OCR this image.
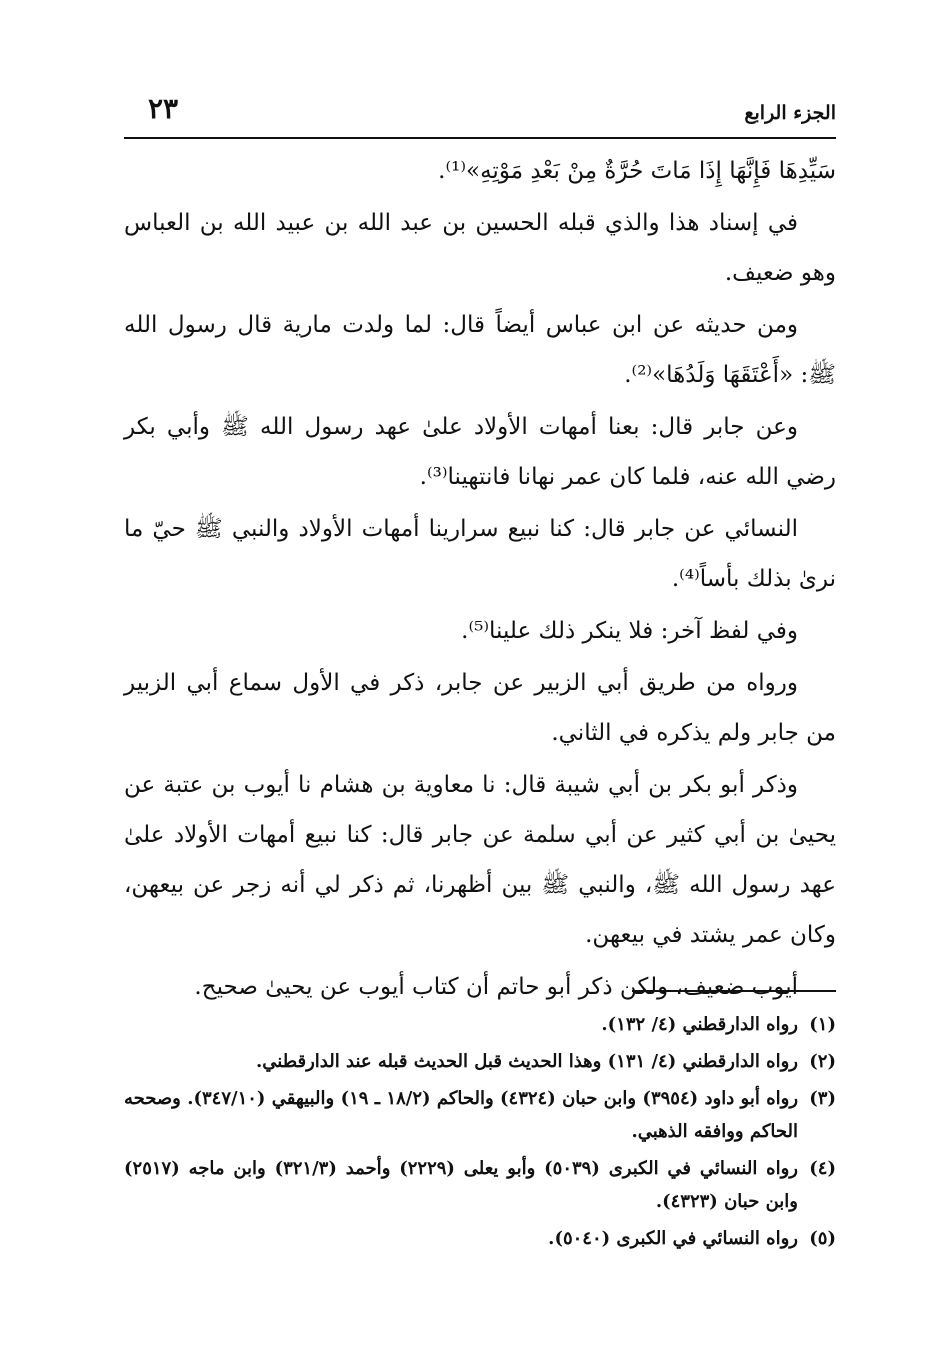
الجزء الرابع
٢٣

سَيِّدِهَا فَإِنَّهَا إِذَا مَاتَ حُرَّةٌ مِنْ بَعْدِ مَوْتِهِ»⁽¹⁾.

في إسناد هذا والذي قبله الحسين بن عبد الله بن عبيد الله بن العباس وهو ضعيف.

ومن حديثه عن ابن عباس أيضاً قال: لما ولدت مارية قال رسول الله ﷺ: «أَعْتَقَهَا وَلَدُهَا»⁽²⁾.

وعن جابر قال: بعنا أمهات الأولاد علىٰ عهد رسول الله ﷺ وأبي بكر رضي الله عنه، فلما كان عمر نهانا فانتهينا⁽³⁾.

النسائي عن جابر قال: كنا نبيع سرارينا أمهات الأولاد والنبي ﷺ حيّ ما نرىٰ بذلك بأساً⁽⁴⁾.

وفي لفظ آخر: فلا ينكر ذلك علينا⁽⁵⁾.

ورواه من طريق أبي الزبير عن جابر، ذكر في الأول سماع أبي الزبير من جابر ولم يذكره في الثاني.

وذكر أبو بكر بن أبي شيبة قال: نا معاوية بن هشام نا أيوب بن عتبة عن يحيىٰ بن أبي كثير عن أبي سلمة عن جابر قال: كنا نبيع أمهات الأولاد علىٰ عهد رسول الله ﷺ، والنبي ﷺ بين أظهرنا، ثم ذكر لي أنه زجر عن بيعهن، وكان عمر يشتد في بيعهن.

أيوب ضعيف، ولكن ذكر أبو حاتم أن كتاب أيوب عن يحيىٰ صحيح.

(١)
رواه الدارقطني (٤/ ١٣٢).
(٢)
رواه الدارقطني (٤/ ١٣١) وهذا الحديث قبل الحديث قبله عند الدارقطني.
(٣)
رواه أبو داود (٣٩٥٤) وابن حبان (٤٣٢٤) والحاكم (١٨/٢ ـ ١٩) والبيهقي (٣٤٧/١٠). وصححه الحاكم ووافقه الذهبي.
(٤)
رواه النسائي في الكبرى (٥٠٣٩) وأبو يعلى (٢٢٢٩) وأحمد (٣٢١/٣) وابن ماجه (٢٥١٧) وابن حبان (٤٣٢٣).
(٥)
رواه النسائي في الكبرى (٥٠٤٠).
